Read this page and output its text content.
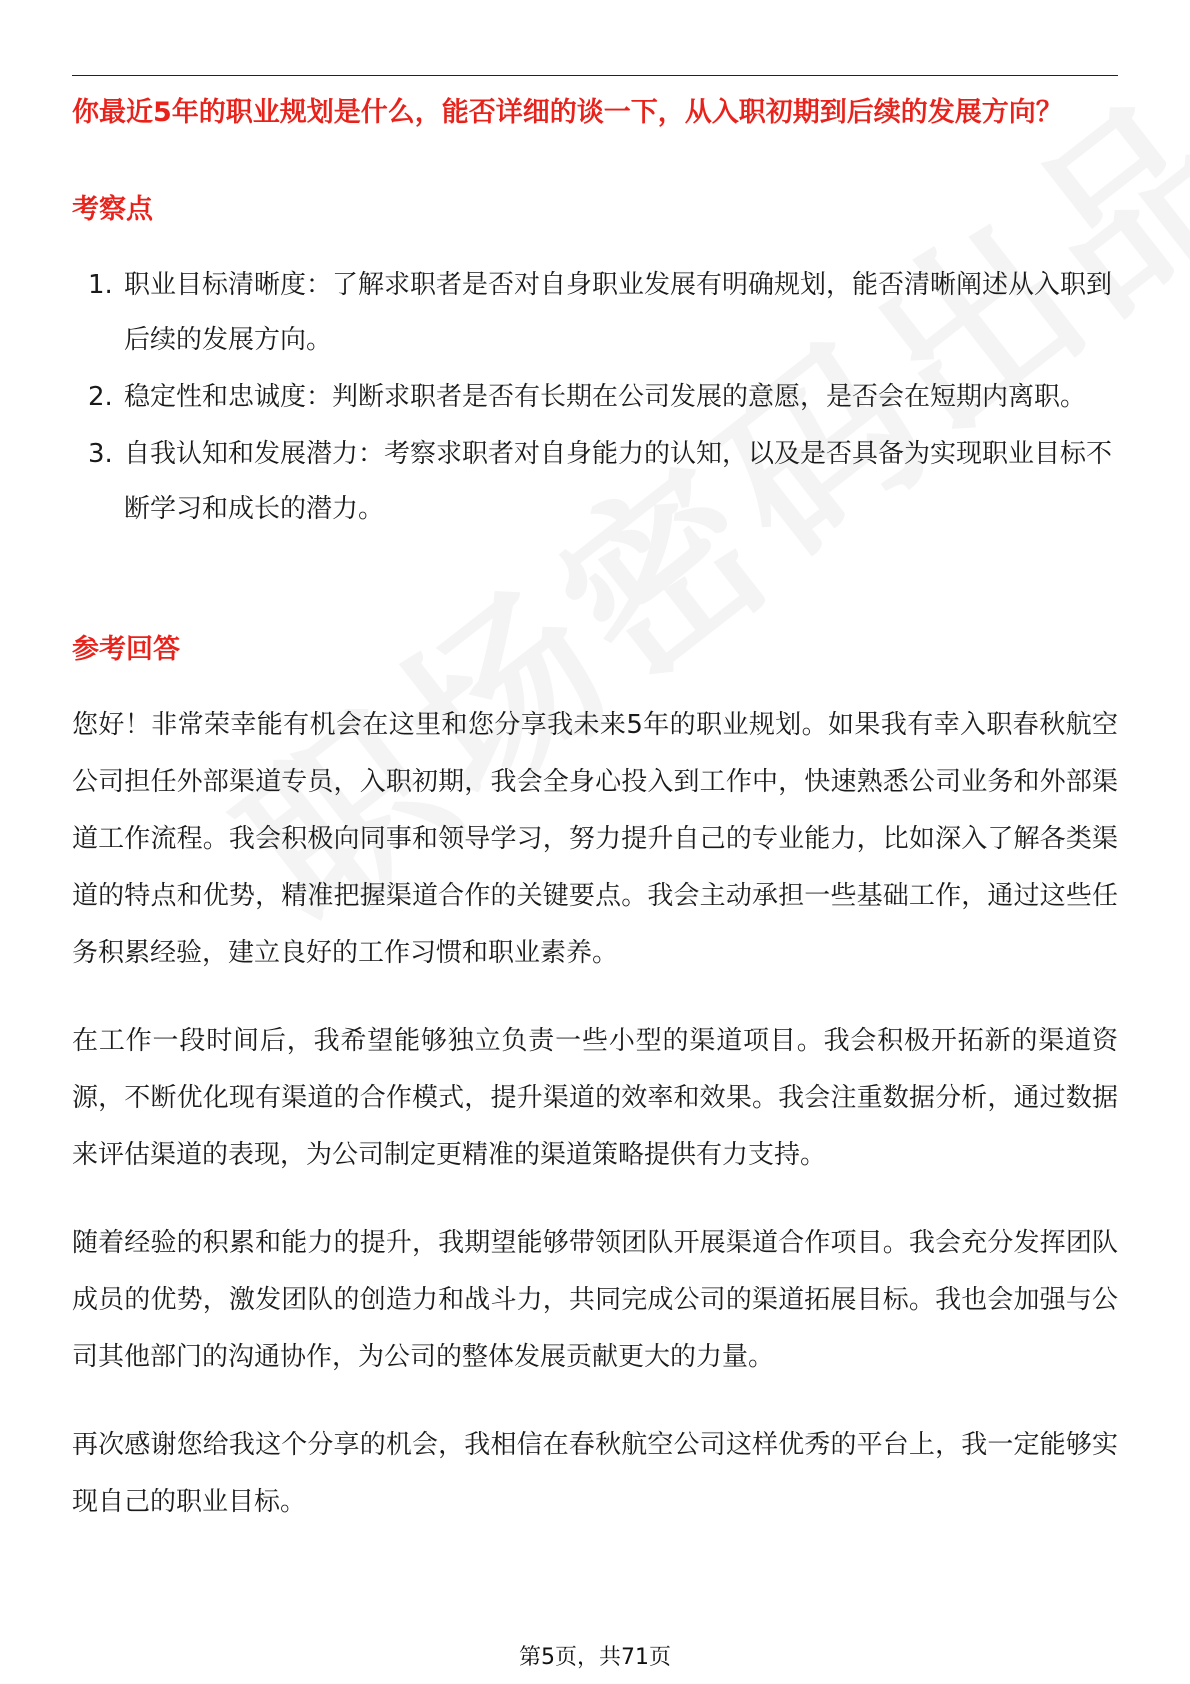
你最近5年的职业规划是什么，能否详细的谈一下，从入职初期到后续的发展方向？
考察点
1. 职业目标清晰度：了解求职者是否对自身职业发展有明确规划，能否清晰阐述从入职到后续的发展方向。
2. 稳定性和忠诚度：判断求职者是否有长期在公司发展的意愿，是否会在短期内离职。
3. 自我认知和发展潜力：考察求职者对自身能力的认知，以及是否具备为实现职业目标不断学习和成长的潜力。
参考回答

您好！非常荣幸能有机会在这里和您分享我未来5年的职业规划。如果我有幸入职春秋航空公司担任外部渠道专员，入职初期，我会全身心投入到工作中，快速熟悉公司业务和外部渠道工作流程。我会积极向同事和领导学习，努力提升自己的专业能力，比如深入了解各类渠道的特点和优势，精准把握渠道合作的关键要点。我会主动承担一些基础工作，通过这些任务积累经验，建立良好的工作习惯和职业素养。

在工作一段时间后，我希望能够独立负责一些小型的渠道项目。我会积极开拓新的渠道资源，不断优化现有渠道的合作模式，提升渠道的效率和效果。我会注重数据分析，通过数据来评估渠道的表现，为公司制定更精准的渠道策略提供有力支持。

随着经验的积累和能力的提升，我期望能够带领团队开展渠道合作项目。我会充分发挥团队成员的优势，激发团队的创造力和战斗力，共同完成公司的渠道拓展目标。我也会加强与公司其他部门的沟通协作，为公司的整体发展贡献更大的力量。

再次感谢您给我这个分享的机会，我相信在春秋航空公司这样优秀的平台上，我一定能够实现自己的职业目标。

第5页，共71页
